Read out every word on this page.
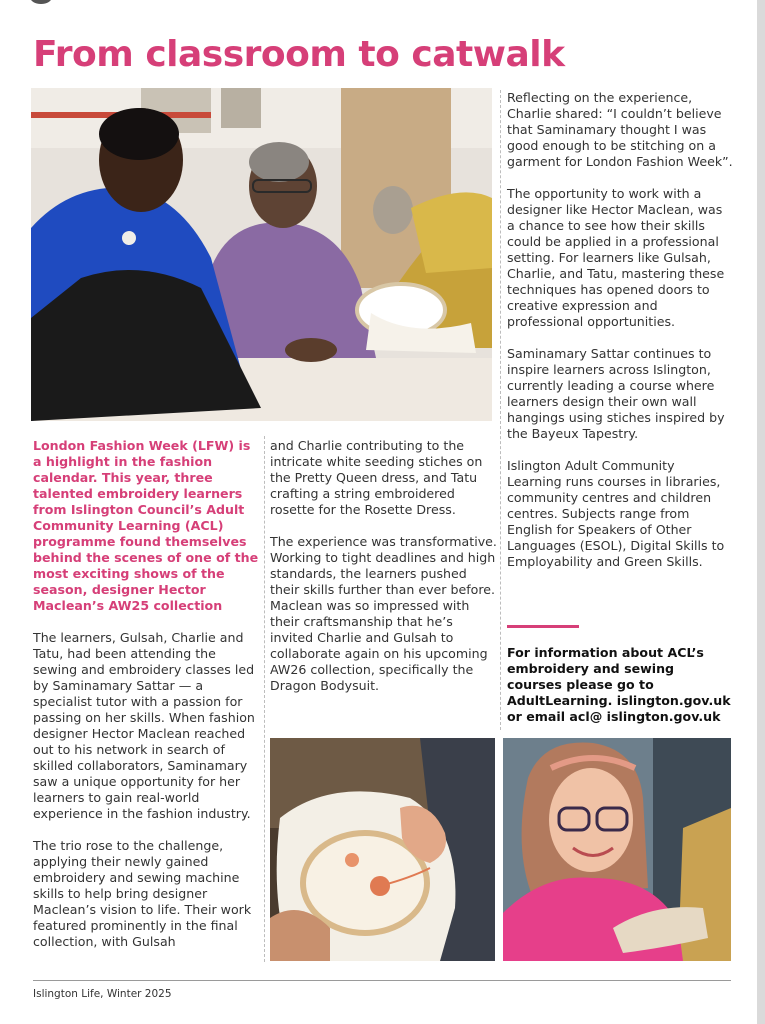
From classroom to catwalk

London Fashion Week (LFW) is a highlight in the fashion calendar. This year, three talented embroidery learners from Islington Council’s Adult Community Learning (ACL) programme found themselves behind the scenes of one of the most exciting shows of the season, designer Hector Maclean’s AW25 collection

The learners, Gulsah, Charlie and Tatu, had been attending the sewing and embroidery classes led by Saminamary Sattar — a specialist tutor with a passion for passing on her skills. When fashion designer Hector Maclean reached out to his network in search of skilled collaborators, Saminamary saw a unique opportunity for her learners to gain real-world experience in the fashion industry.

The trio rose to the challenge, applying their newly gained embroidery and sewing machine skills to help bring designer Maclean’s vision to life. Their work featured prominently in the final collection, with Gulsah

and Charlie contributing to the intricate white seeding stiches on the Pretty Queen dress, and Tatu crafting a string embroidered rosette for the Rosette Dress.

The experience was transformative. Working to tight deadlines and high standards, the learners pushed their skills further than ever before. Maclean was so impressed with their craftsmanship that he’s invited Charlie and Gulsah to collaborate again on his upcoming AW26 collection, specifically the Dragon Bodysuit.

Reflecting on the experience, Charlie shared: “I couldn’t believe that Saminamary thought I was good enough to be stitching on a garment for London Fashion Week”.

The opportunity to work with a designer like Hector Maclean, was a chance to see how their skills could be applied in a professional setting. For learners like Gulsah, Charlie, and Tatu, mastering these techniques has opened doors to creative expression and professional opportunities.

Saminamary Sattar continues to inspire learners across Islington, currently leading a course where learners design their own wall hangings using stiches inspired by the Bayeux Tapestry.

Islington Adult Community Learning runs courses in libraries, community centres and children centres. Subjects range from English for Speakers of Other Languages (ESOL), Digital Skills to Employability and Green Skills.

For information about ACL’s embroidery and sewing courses please go to AdultLearning. islington.gov.uk or email acl@ islington.gov.uk
Islington Life, Winter 2025
